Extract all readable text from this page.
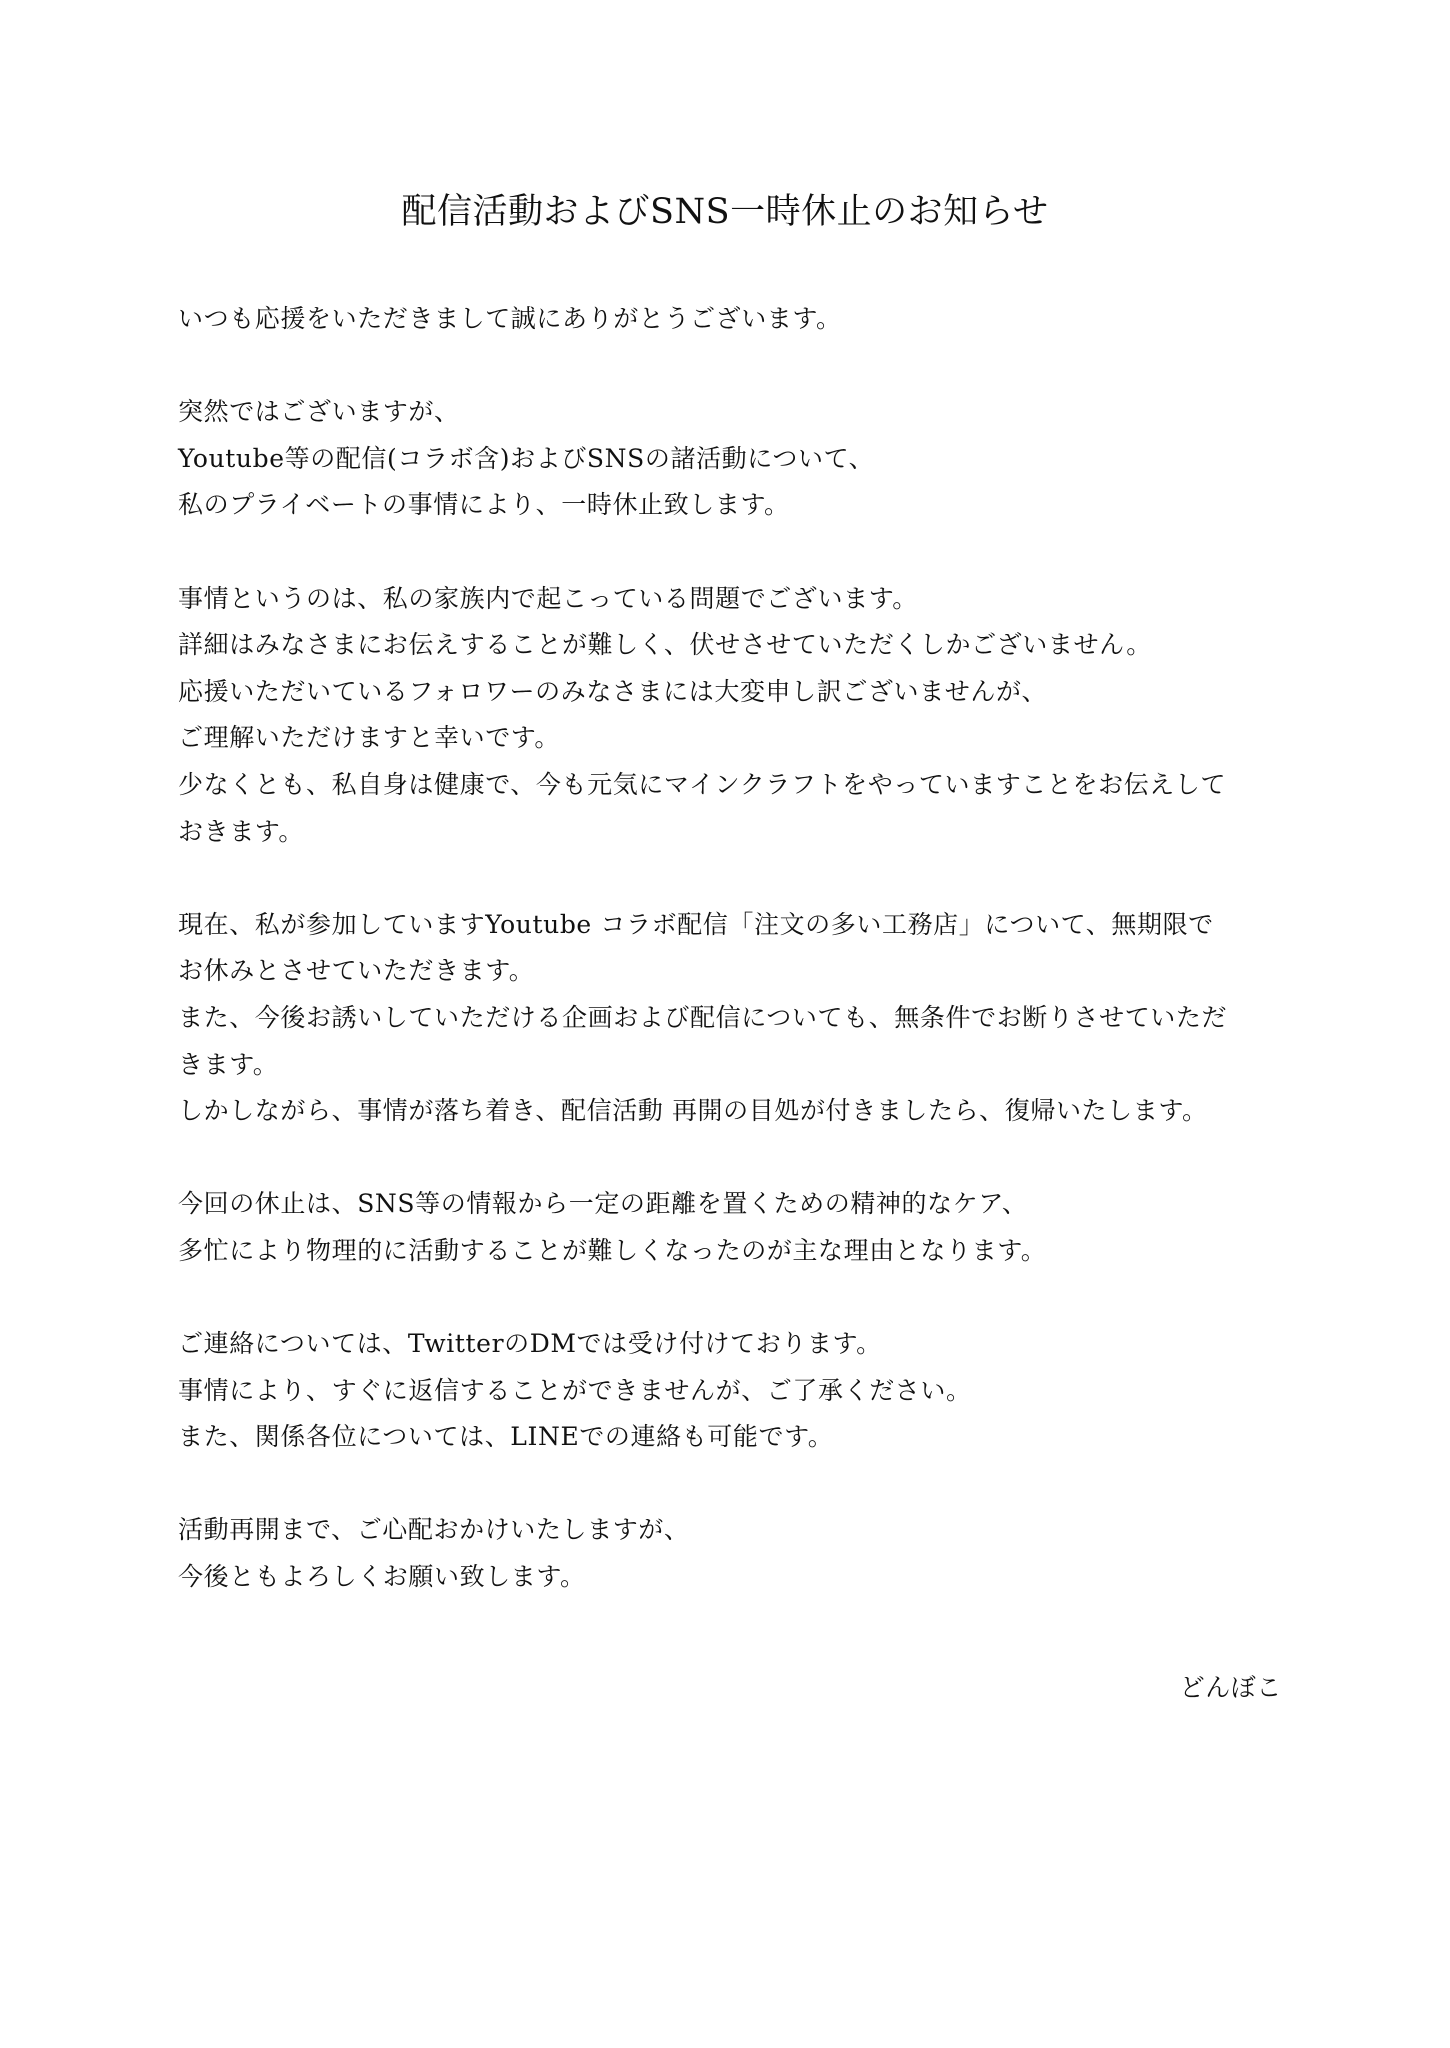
配信活動およびSNS一時休止のお知らせ
いつも応援をいただきまして誠にありがとうございます。
突然ではございますが、
Youtube等の配信(コラボ含)およびSNSの諸活動について、
私のプライベートの事情により、一時休止致します。
事情というのは、私の家族内で起こっている問題でございます。
詳細はみなさまにお伝えすることが難しく、伏せさせていただくしかございません。
応援いただいているフォロワーのみなさまには大変申し訳ございませんが、
ご理解いただけますと幸いです。
少なくとも、私自身は健康で、今も元気にマインクラフトをやっていますことをお伝えして
おきます。
現在、私が参加していますYoutube コラボ配信「注文の多い工務店」について、無期限で
お休みとさせていただきます。
また、今後お誘いしていただける企画および配信についても、無条件でお断りさせていただ
きます。
しかしながら、事情が落ち着き、配信活動 再開の目処が付きましたら、復帰いたします。
今回の休止は、SNS等の情報から一定の距離を置くための精神的なケア、
多忙により物理的に活動することが難しくなったのが主な理由となります。
ご連絡については、TwitterのDMでは受け付けております。
事情により、すぐに返信することができませんが、ご了承ください。
また、関係各位については、LINEでの連絡も可能です。
活動再開まで、ご心配おかけいたしますが、
今後ともよろしくお願い致します。
どんぼこ
